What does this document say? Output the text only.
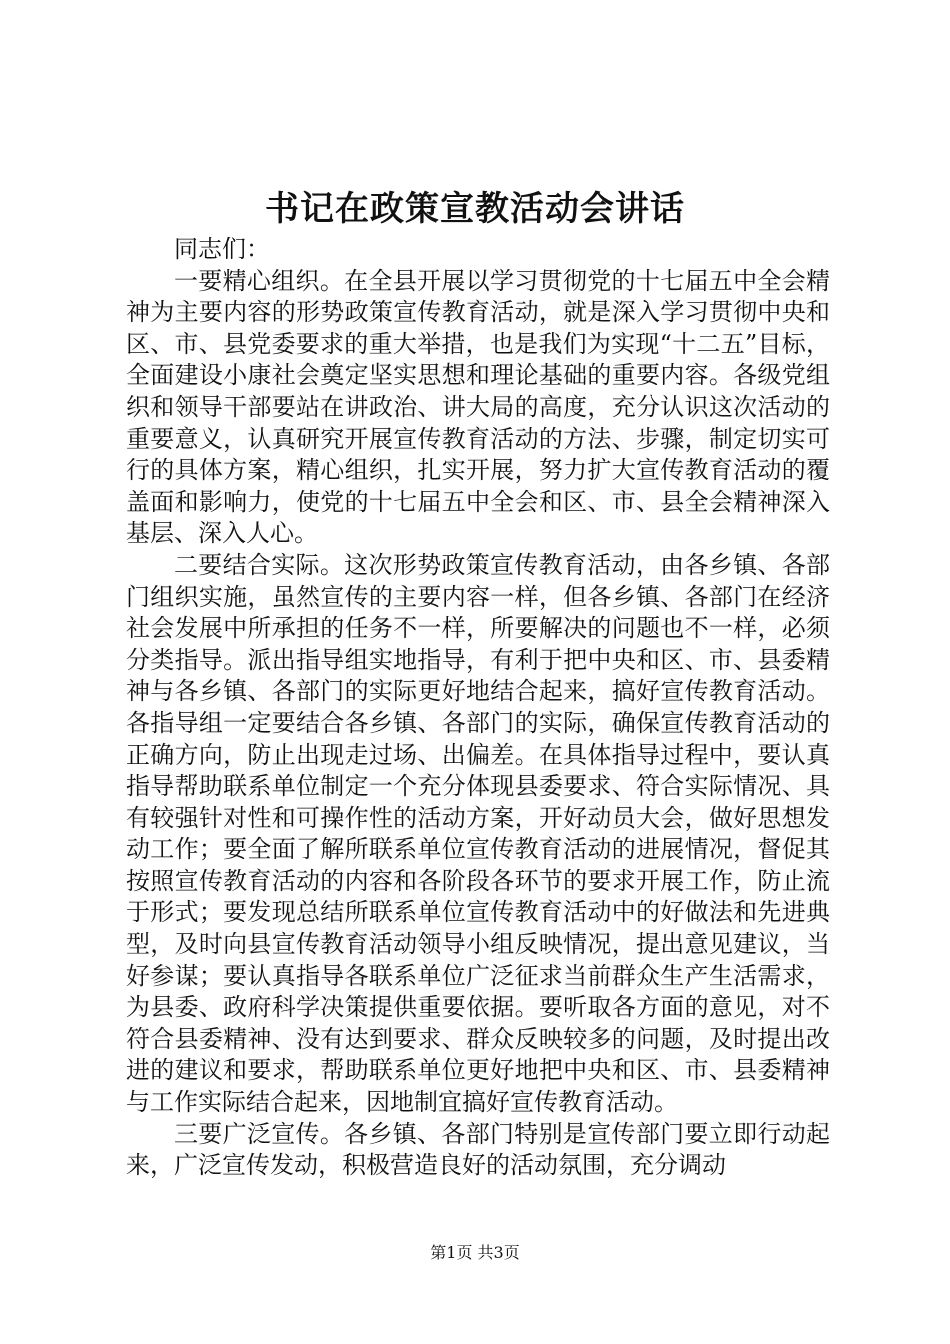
书记在政策宣教活动会讲话

同志们：

一要精心组织。在全县开展以学习贯彻党的十七届五中全会精神为主要内容的形势政策宣传教育活动，就是深入学习贯彻中央和区、市、县党委要求的重大举措，也是我们为实现“十二五”目标，全面建设小康社会奠定坚实思想和理论基础的重要内容。各级党组织和领导干部要站在讲政治、讲大局的高度，充分认识这次活动的重要意义，认真研究开展宣传教育活动的方法、步骤，制定切实可行的具体方案，精心组织，扎实开展，努力扩大宣传教育活动的覆盖面和影响力，使党的十七届五中全会和区、市、县全会精神深入基层、深入人心。

二要结合实际。这次形势政策宣传教育活动，由各乡镇、各部门组织实施，虽然宣传的主要内容一样，但各乡镇、各部门在经济社会发展中所承担的任务不一样，所要解决的问题也不一样，必须分类指导。派出指导组实地指导，有利于把中央和区、市、县委精神与各乡镇、各部门的实际更好地结合起来，搞好宣传教育活动。各指导组一定要结合各乡镇、各部门的实际，确保宣传教育活动的正确方向，防止出现走过场、出偏差。在具体指导过程中，要认真指导帮助联系单位制定一个充分体现县委要求、符合实际情况、具有较强针对性和可操作性的活动方案，开好动员大会，做好思想发动工作；要全面了解所联系单位宣传教育活动的进展情况，督促其按照宣传教育活动的内容和各阶段各环节的要求开展工作，防止流于形式；要发现总结所联系单位宣传教育活动中的好做法和先进典型，及时向县宣传教育活动领导小组反映情况，提出意见建议，当好参谋；要认真指导各联系单位广泛征求当前群众生产生活需求，为县委、政府科学决策提供重要依据。要听取各方面的意见，对不符合县委精神、没有达到要求、群众反映较多的问题，及时提出改进的建议和要求，帮助联系单位更好地把中央和区、市、县委精神与工作实际结合起来，因地制宜搞好宣传教育活动。

三要广泛宣传。各乡镇、各部门特别是宣传部门要立即行动起来，广泛宣传发动，积极营造良好的活动氛围，充分调动

第1页 共3页
